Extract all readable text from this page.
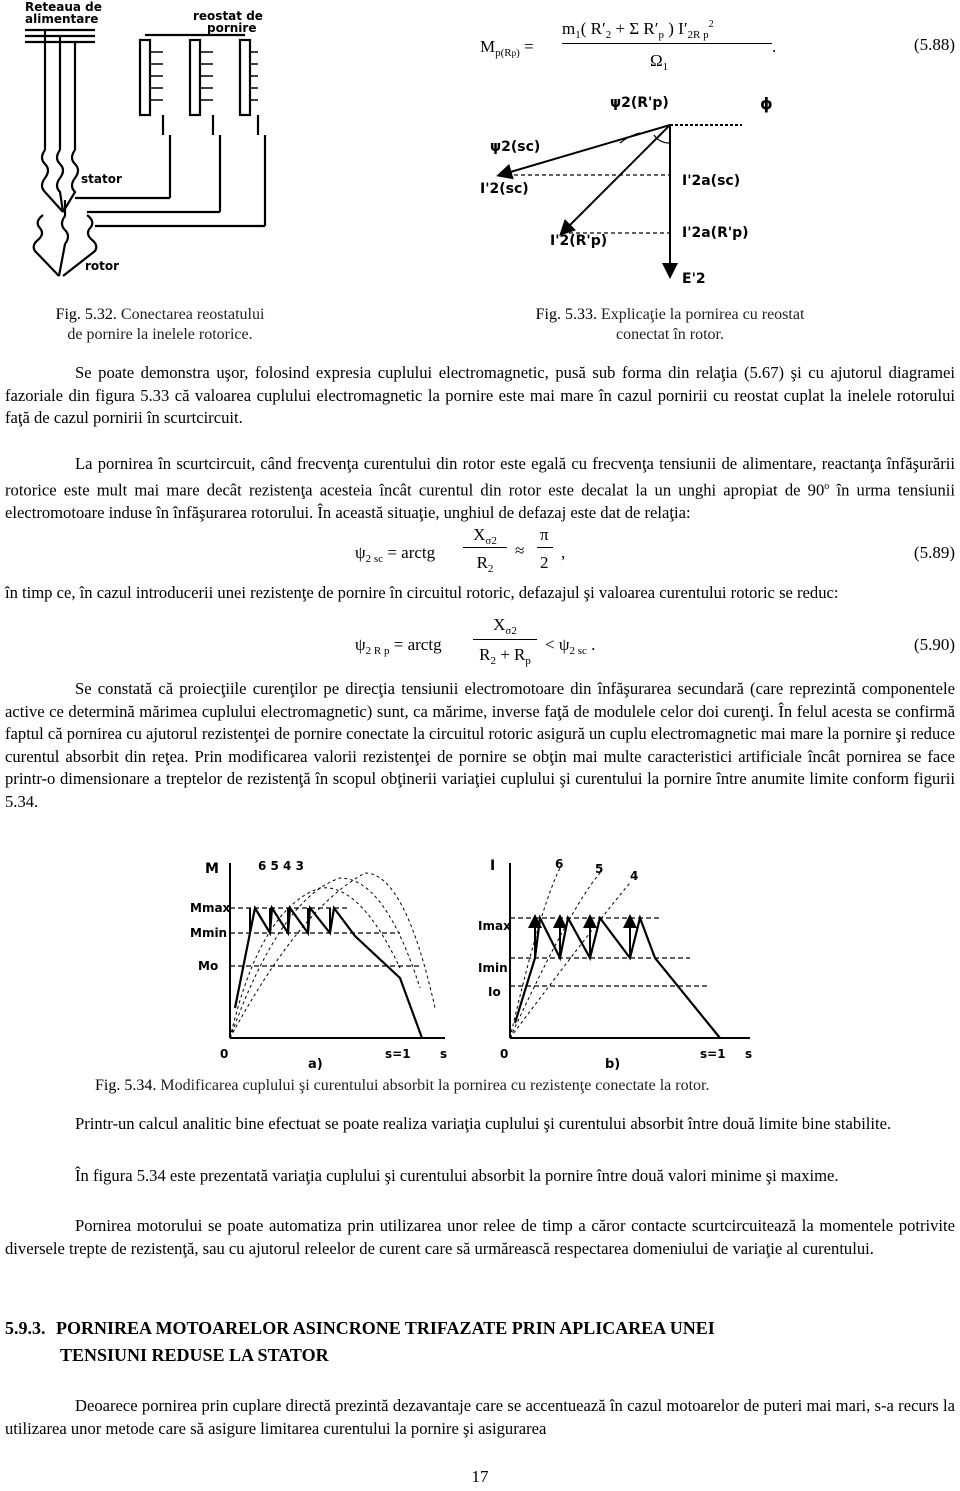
Reteaua de
alimentare	reostat de
pornire
stator
rotor
Fig. 5.32. Conectarea reostatului
de pornire la inelele rotorice.
$M_{p(Rp)}$ =
$m_1$( $R'_2 + \Sigma$ $R'_p$ ) $I'_{2R p}^2$
$\Omega_1$
.	(5.88)
ψ2(R'p)	ϕ
ψ2(sc)
I'2(sc)	I'2a(sc)
I'2(R'p)	I'2a(R'p)
E'2
Fig. 5.33. Explicaţie la pornirea cu reostat
conectat în rotor.
Se poate demonstra uşor, folosind expresia cuplului electromagnetic, pusă sub forma din relaţia (5.67) şi cu ajutorul diagramei fazoriale din figura 5.33 că valoarea cuplului electromagnetic la pornire este mai mare în cazul pornirii cu reostat cuplat la inelele rotorului faţă de cazul pornirii în scurtcircuit.
La pornirea în scurtcircuit, când frecvenţa curentului din rotor este egală cu frecvenţa tensiunii de alimentare, reactanţa înfăşurării rotorice este mult mai mare decât rezistenţa acesteia încât curentul din rotor este decalat la un unghi apropiat de 90$^o$ în urma tensiunii electromotoare induse în înfăşurarea rotorului. În această situaţie, unghiul de defazaj este dat de relaţia:
$\psi_{2 sc}$ = arctg
$X_{\sigma 2}$
$R_2$
≈
π
2
,	(5.89)
în timp ce, în cazul introducerii unei rezistenţe de pornire în circuitul rotoric, defazajul şi valoarea curentului rotoric se reduc:
$\psi_{2 R p}$ = arctg
$X_{\sigma 2}$
$R_2 + R_p$
< $\psi_{2 sc}$ .	(5.90)
Se constată că proiecţiile curenţilor pe direcţia tensiunii electromotoare din înfăşurarea secundară (care reprezintă componentele active ce determină mărimea cuplului electromagnetic) sunt, ca mărime, inverse faţă de modulele celor doi curenţi. În felul acesta se confirmă faptul că pornirea cu ajutorul rezistenţei de pornire conectate la circuitul rotoric asigură un cuplu electromagnetic mai mare la pornire şi reduce curentul absorbit din reţea. Prin modificarea valorii rezistenţei de pornire se obţin mai multe caracteristici artificiale încât pornirea se face printr-o dimensionare a treptelor de rezistenţă în scopul obţinerii variaţiei cuplului şi curentului la pornire între anumite limite conform figurii 5.34.
M	6 5 4 3
Mmax
Mmin
Mo
0
a)
s=1 s
I	6	5 4
Imax
Imin
Io
0
b)
s=1 s
Fig. 5.34. Modificarea cuplului şi curentului absorbit la pornirea cu rezistenţe conectate la rotor.
Printr-un calcul analitic bine efectuat se poate realiza variaţia cuplului şi curentului absorbit între două limite bine stabilite.
În figura 5.34 este prezentată variaţia cuplului şi curentului absorbit la pornire între două valori minime şi maxime.
Pornirea motorului se poate automatiza prin utilizarea unor relee de timp a căror contacte scurtcircuitează la momentele potrivite diversele trepte de rezistenţă, sau cu ajutorul releelor de curent care să urmărească respectarea domeniului de variaţie al curentului.
5.9.3. PORNIREA MOTOARELOR ASINCRONE TRIFAZATE PRIN APLICAREA UNEI
TENSIUNI REDUSE LA STATOR
Deoarece pornirea prin cuplare directă prezintă dezavantaje care se accentuează în cazul motoarelor de puteri mai mari, s-a recurs la utilizarea unor metode care să asigure limitarea curentului la pornire şi asigurarea
17
